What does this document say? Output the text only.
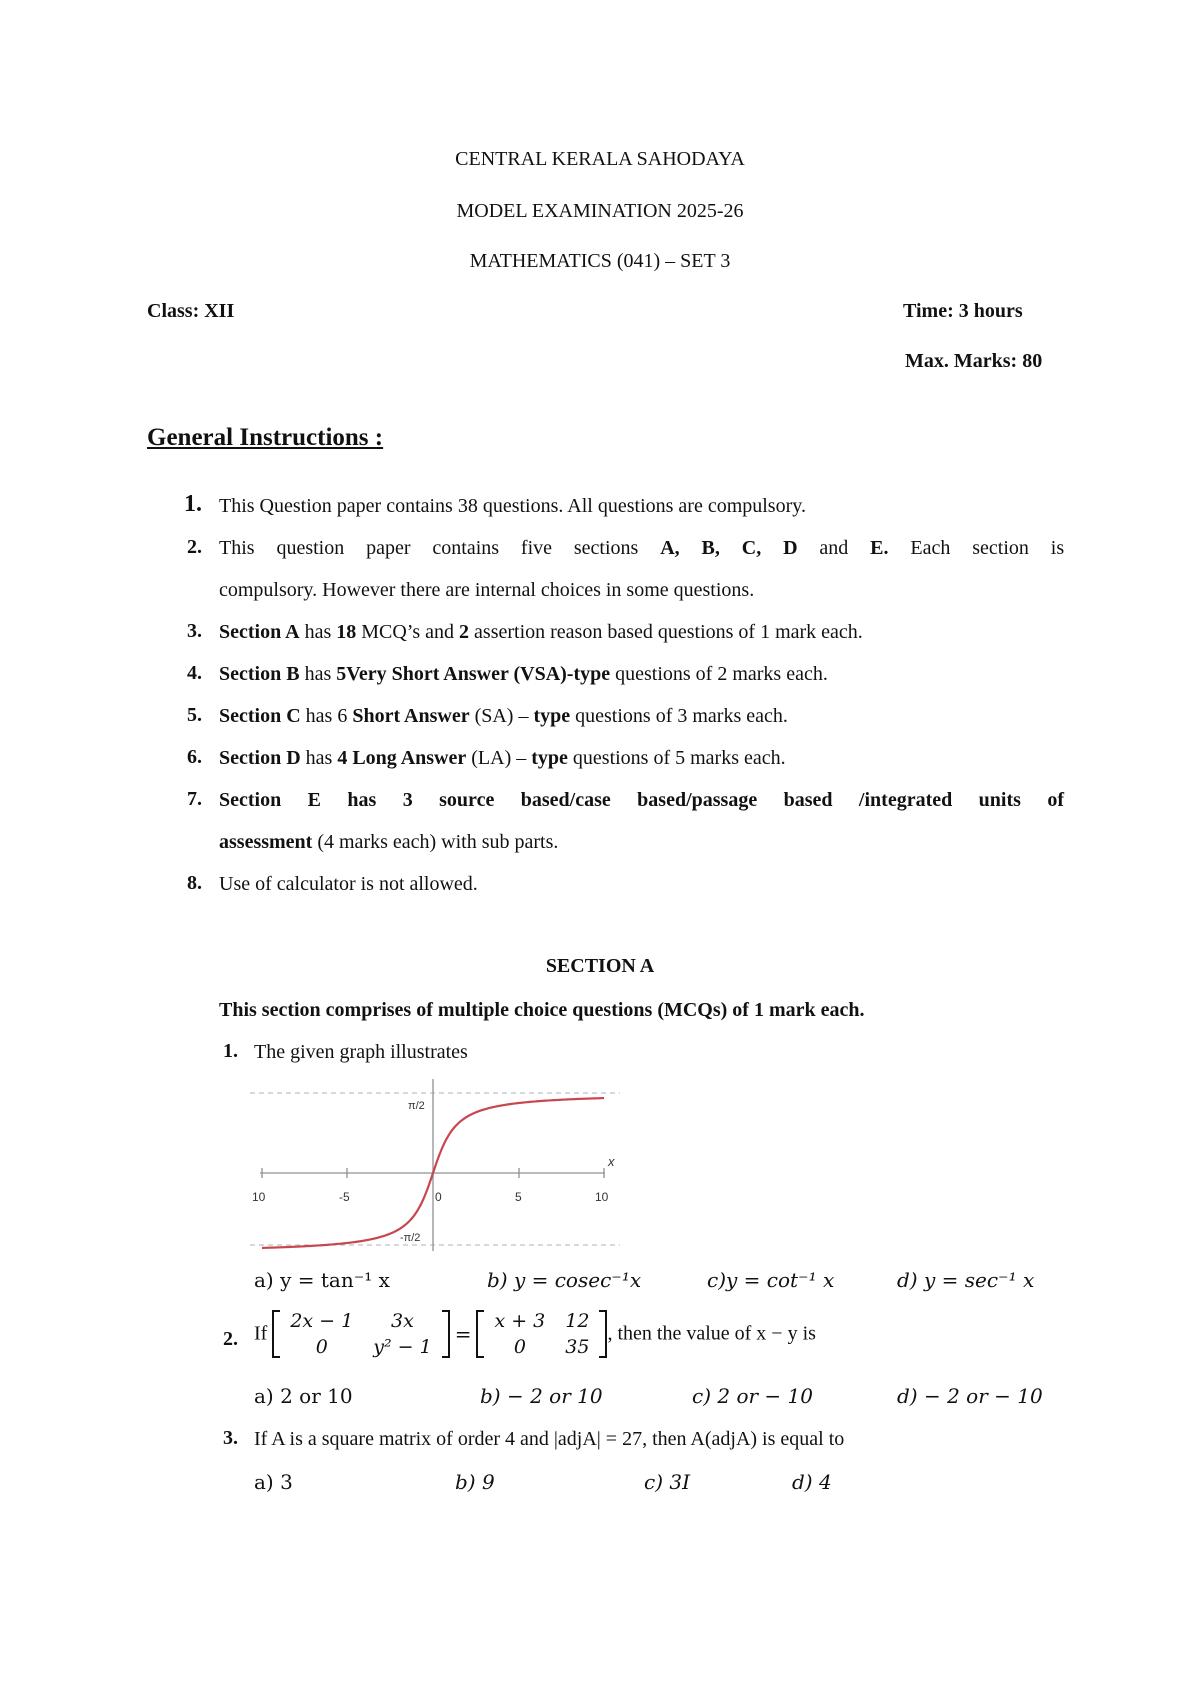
CENTRAL KERALA SAHODAYA
MODEL EXAMINATION 2025-26
MATHEMATICS (041) – SET 3
Class: XII	Time: 3 hours
Max. Marks: 80
General Instructions :
1. This Question paper contains 38 questions. All questions are compulsory.
2. This question paper contains five sections A, B, C, D and E. Each section is
compulsory. However there are internal choices in some questions.
3. Section A has 18 MCQ’s and 2 assertion reason based questions of 1 mark each.
4. Section B has 5Very Short Answer (VSA)-type questions of 2 marks each.
5. Section C has 6 Short Answer (SA) – type questions of 3 marks each.
6. Section D has 4 Long Answer (LA) – type questions of 5 marks each.
7. Section E has 3 source based/case based/passage based /integrated units of
assessment (4 marks each) with sub parts.
8. Use of calculator is not allowed.
SECTION A
This section comprises of multiple choice questions (MCQs) of 1 mark each.
1. The given graph illustrates
x
10	-5	0	5	10
π/2
-π/2
a) y = tan⁻¹ x	b) y = cosec⁻¹x	c)y = cot⁻¹ x	d) y = sec⁻¹ x
2. If
2x − 1	3x
0	y² − 1
=
x + 3	12
0	35
, then the value of x − y is
a) 2 or 10	b) − 2 or 10	c) 2 or − 10	d) − 2 or − 10
3. If A is a square matrix of order 4 and |adjA| = 27, then A(adjA) is equal to
a) 3	b) 9	c) 3I	d) 4
